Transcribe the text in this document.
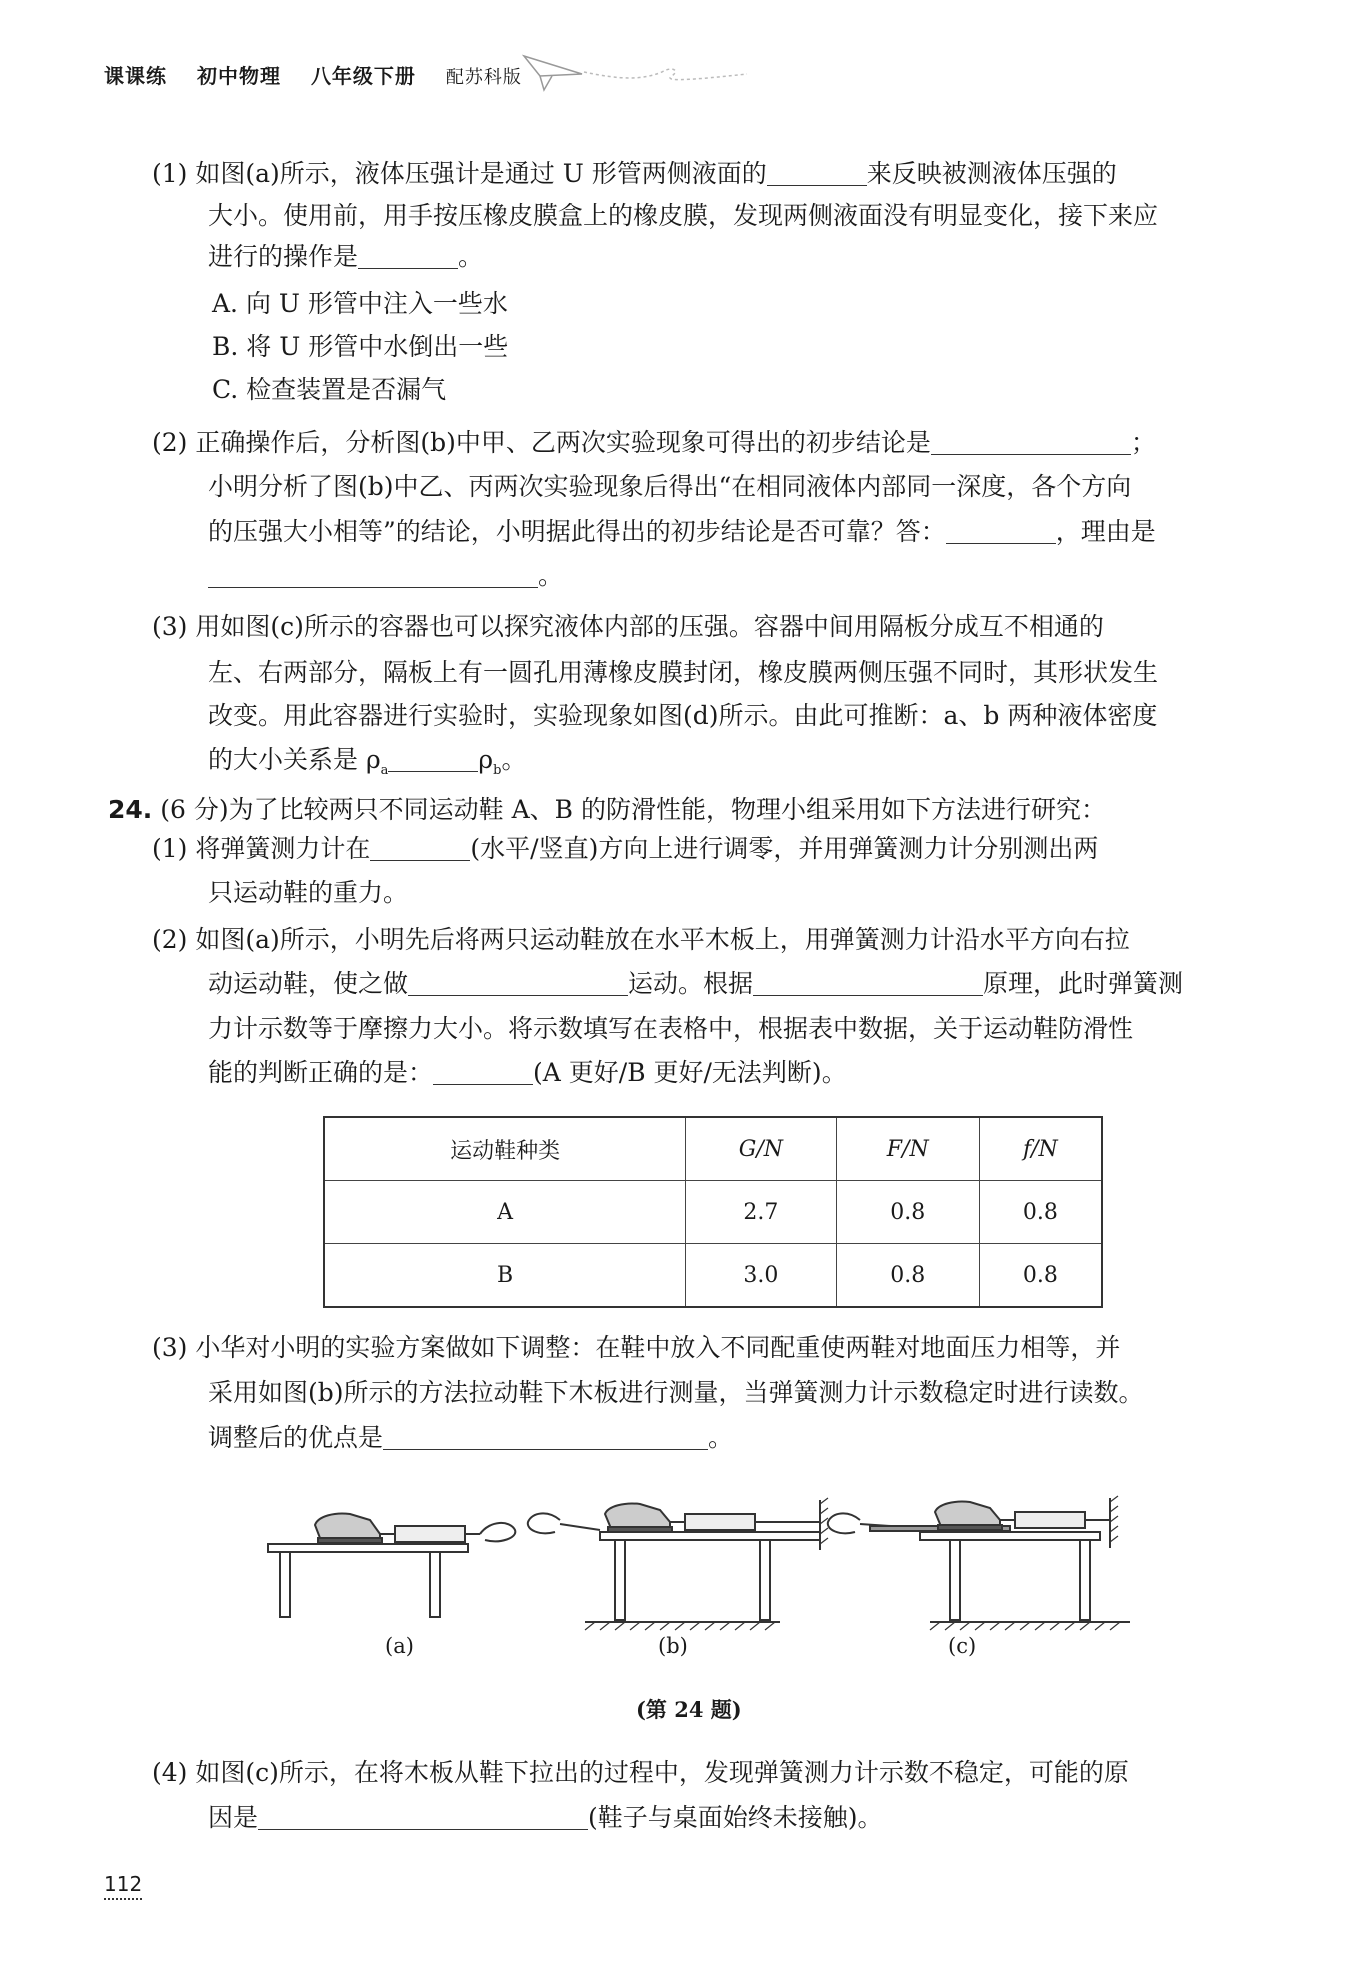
课课练 初中物理 八年级下册 配苏科版
(1) 如图(a)所示，液体压强计是通过 U 形管两侧液面的	来反映被测液体压强的
大小。使用前，用手按压橡皮膜盒上的橡皮膜，发现两侧液面没有明显变化，接下来应
进行的操作是	。
A. 向 U 形管中注入一些水
B. 将 U 形管中水倒出一些
C. 检查装置是否漏气
(2) 正确操作后，分析图(b)中甲、乙两次实验现象可得出的初步结论是	；
小明分析了图(b)中乙、丙两次实验现象后得出“在相同液体内部同一深度，各个方向
的压强大小相等”的结论，小明据此得出的初步结论是否可靠？答：	，理由是
。
(3) 用如图(c)所示的容器也可以探究液体内部的压强。容器中间用隔板分成互不相通的
左、右两部分，隔板上有一圆孔用薄橡皮膜封闭，橡皮膜两侧压强不同时，其形状发生
改变。用此容器进行实验时，实验现象如图(d)所示。由此可推断：a、b 两种液体密度
的大小关系是 $\rho_a$	$\rho_b$。
24. (6 分)为了比较两只不同运动鞋 A、B 的防滑性能，物理小组采用如下方法进行研究：
(1) 将弹簧测力计在	(水平/竖直)方向上进行调零，并用弹簧测力计分别测出两
只运动鞋的重力。
(2) 如图(a)所示，小明先后将两只运动鞋放在水平木板上，用弹簧测力计沿水平方向右拉
动运动鞋，使之做	运动。根据	原理，此时弹簧测
力计示数等于摩擦力大小。将示数填写在表格中，根据表中数据，关于运动鞋防滑性
能的判断正确的是：	(A 更好/B 更好/无法判断)。
运动鞋种类	G/N	F/N	f/N
A	2.7	0.8	0.8
B	3.0	0.8	0.8
(3) 小华对小明的实验方案做如下调整：在鞋中放入不同配重使两鞋对地面压力相等，并
采用如图(b)所示的方法拉动鞋下木板进行测量，当弹簧测力计示数稳定时进行读数。
调整后的优点是	。
(a)	(b)	(c)
(第 24 题)
(4) 如图(c)所示，在将木板从鞋下拉出的过程中，发现弹簧测力计示数不稳定，可能的原
因是	(鞋子与桌面始终未接触)。
112
